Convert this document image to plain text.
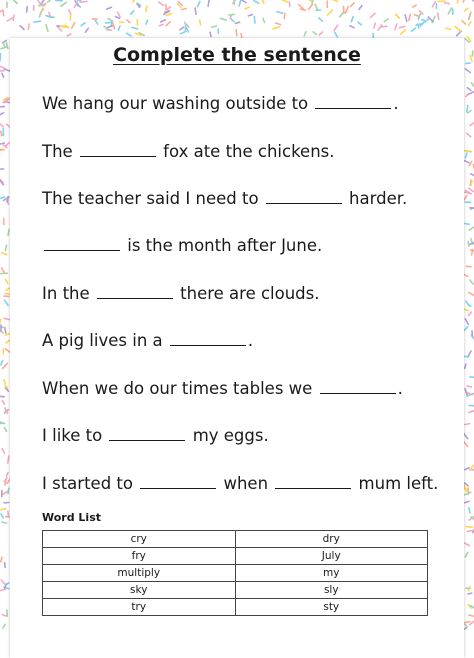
Complete the sentence
We hang our washing outside to	.
The	fox ate the chickens.
The teacher said I need to	harder.
is the month after June.
In the	there are clouds.
A pig lives in a	.
When we do our times tables we	.
I like to	my eggs.
I started to	when	mum left.
Word List
cry	dry
fry	July
multiply	my
sky	sly
try	sty
